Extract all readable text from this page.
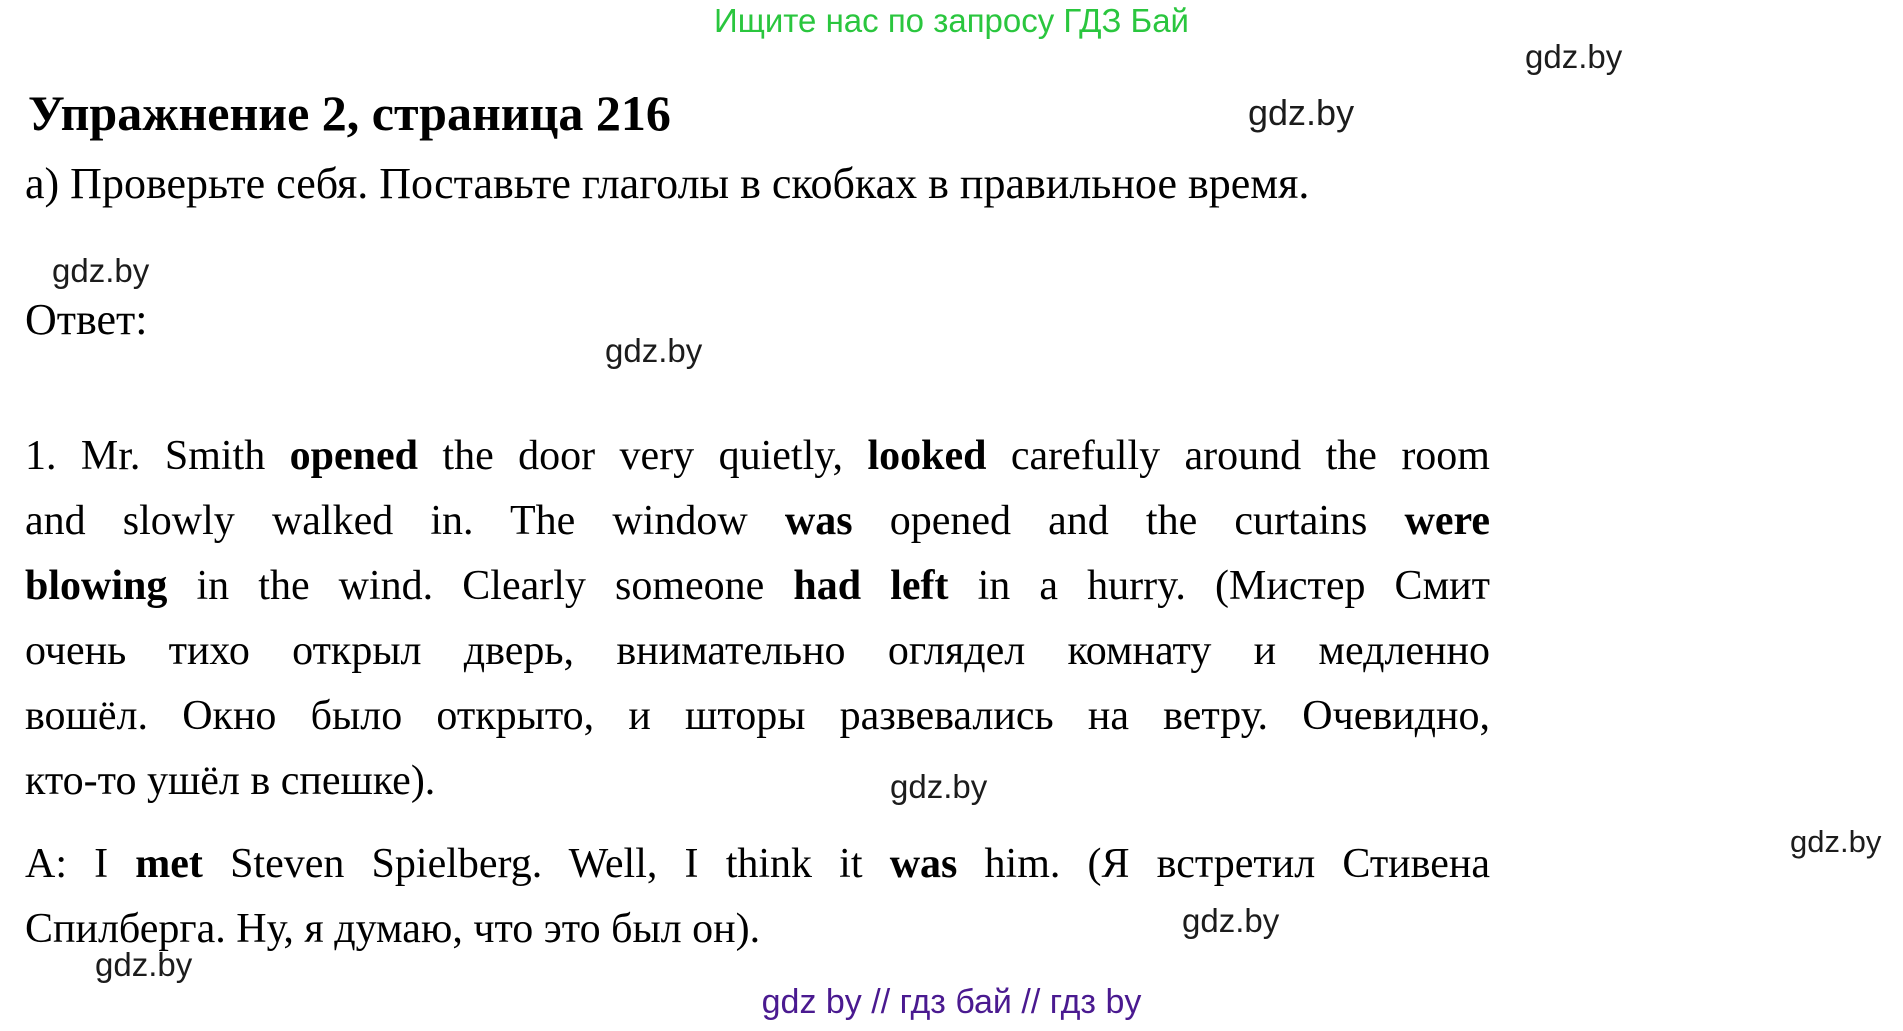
Ищите нас по запросу ГДЗ Бай
gdz.by
gdz.by
gdz.by
gdz.by
gdz.by
gdz.by
gdz.by
gdz.by
Упражнение 2, страница 216
а) Проверьте себя. Поставьте глаголы в скобках в правильное время.
Ответ:
1. Mr. Smith opened the door very quietly, looked carefully around the room
and slowly walked in. The window was opened and the curtains were
blowing in the wind. Clearly someone had left in a hurry. (Мистер Смит
очень тихо открыл дверь, внимательно оглядел комнату и медленно
вошёл. Окно было открыто, и шторы развевались на ветру. Очевидно,
кто-то ушёл в спешке).
A: I met Steven Spielberg. Well, I think it was him. (Я встретил Стивена
Спилберга. Ну, я думаю, что это был он).
gdz by // гдз бай // гдз by
